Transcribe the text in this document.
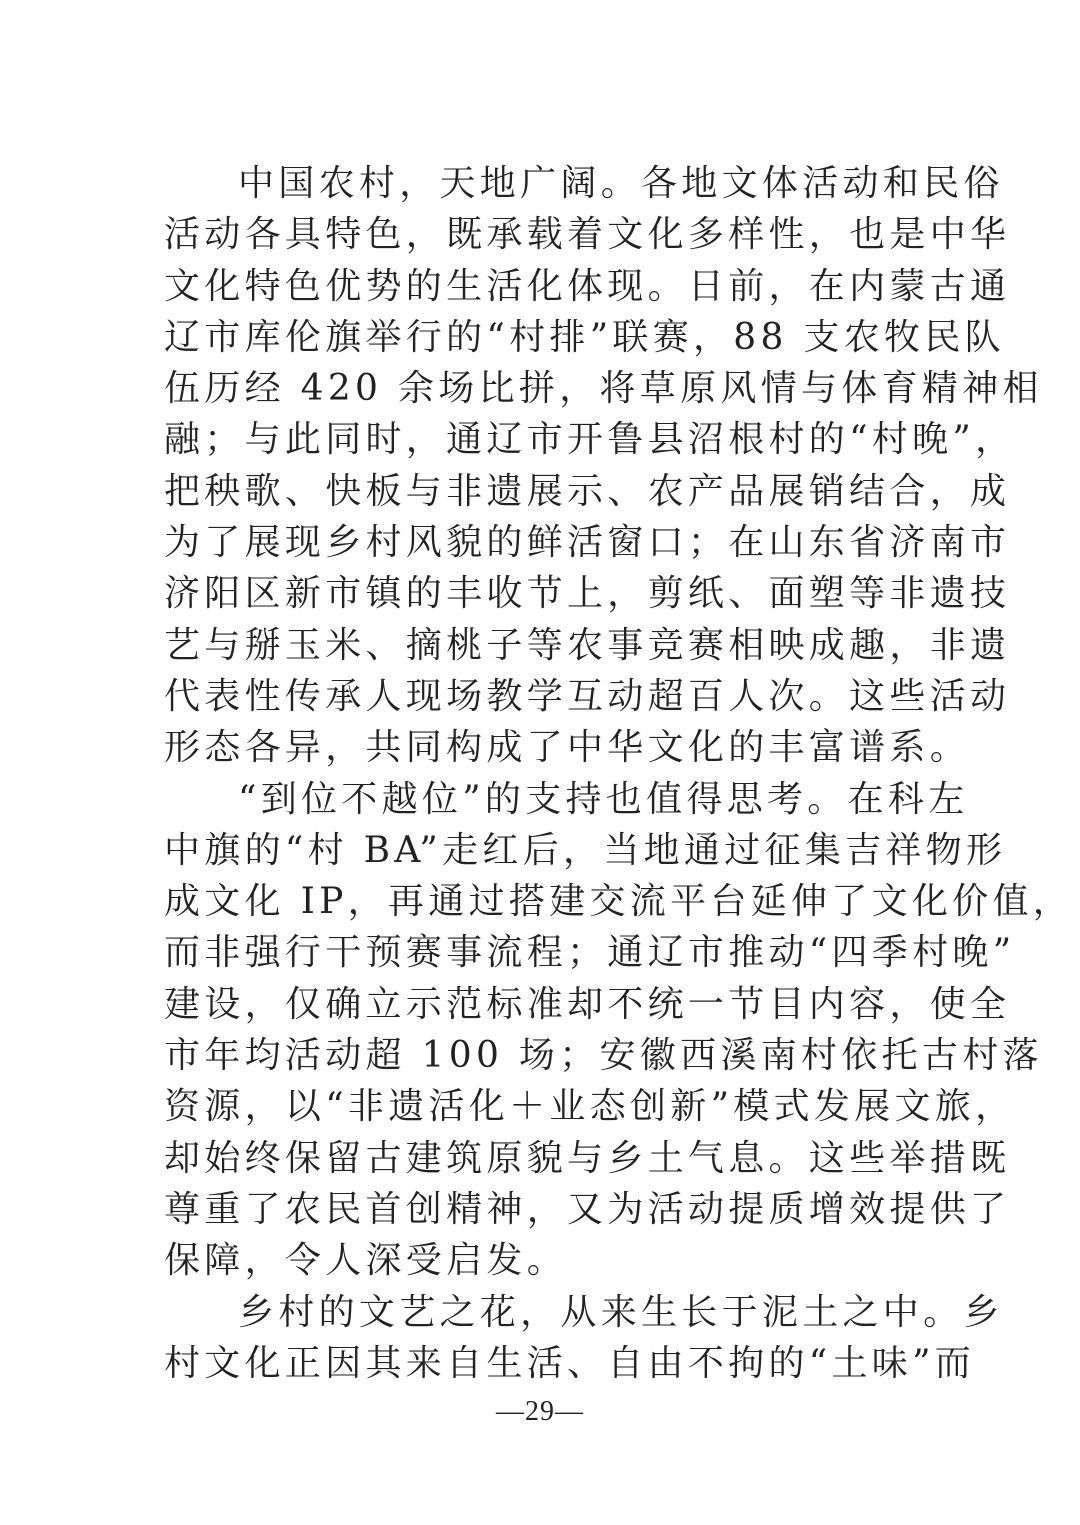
中国农村，天地广阔。各地文体活动和民俗
活动各具特色，既承载着文化多样性，也是中华
文化特色优势的生活化体现。日前，在内蒙古通
辽市库伦旗举行的“村排”联赛，88 支农牧民队
伍历经 420 余场比拼，将草原风情与体育精神相
融；与此同时，通辽市开鲁县沼根村的“村晚”，
把秧歌、快板与非遗展示、农产品展销结合，成
为了展现乡村风貌的鲜活窗口；在山东省济南市
济阳区新市镇的丰收节上，剪纸、面塑等非遗技
艺与掰玉米、摘桃子等农事竞赛相映成趣，非遗
代表性传承人现场教学互动超百人次。这些活动
形态各异，共同构成了中华文化的丰富谱系。
“到位不越位”的支持也值得思考。在科左
中旗的“村 BA”走红后，当地通过征集吉祥物形
成文化 IP，再通过搭建交流平台延伸了文化价值，
而非强行干预赛事流程；通辽市推动“四季村晚”
建设，仅确立示范标准却不统一节目内容，使全
市年均活动超 100 场；安徽西溪南村依托古村落
资源，以“非遗活化＋业态创新”模式发展文旅，
却始终保留古建筑原貌与乡土气息。这些举措既
尊重了农民首创精神，又为活动提质增效提供了
保障，令人深受启发。
乡村的文艺之花，从来生长于泥土之中。乡
村文化正因其来自生活、自由不拘的“土味”而
—29—
